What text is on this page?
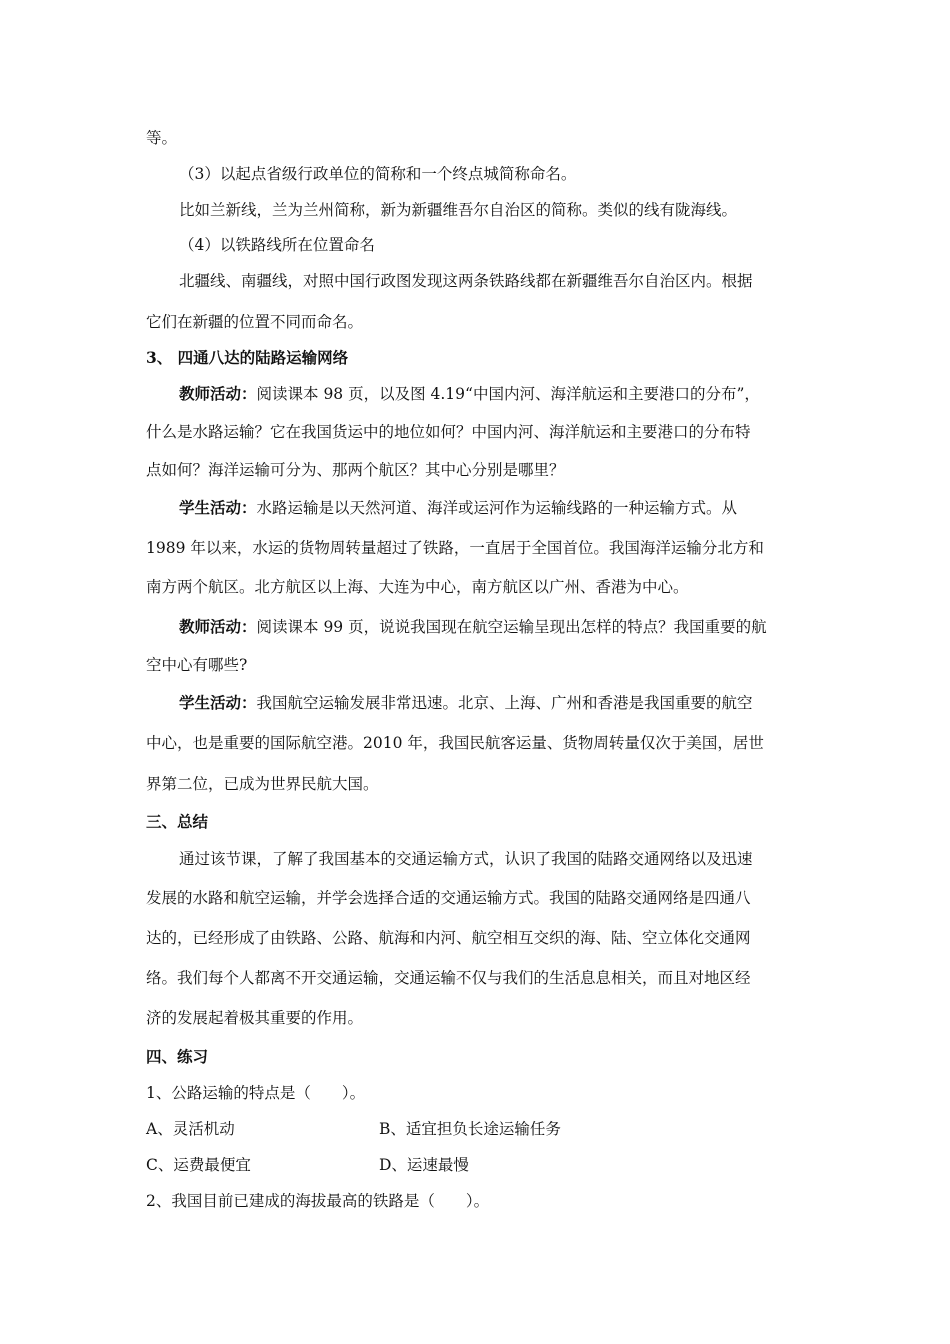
等。
（3）以起点省级行政单位的简称和一个终点城简称命名。
比如兰新线，兰为兰州简称，新为新疆维吾尔自治区的简称。类似的线有陇海线。
（4）以铁路线所在位置命名
北疆线、南疆线，对照中国行政图发现这两条铁路线都在新疆维吾尔自治区内。根据
它们在新疆的位置不同而命名。
3、 四通八达的陆路运输网络
教师活动：阅读课本 98 页，以及图 4.19“中国内河、海洋航运和主要港口的分布”，
什么是水路运输？它在我国货运中的地位如何？中国内河、海洋航运和主要港口的分布特
点如何？海洋运输可分为、那两个航区？其中心分别是哪里？
学生活动：水路运输是以天然河道、海洋或运河作为运输线路的一种运输方式。从
1989 年以来，水运的货物周转量超过了铁路，一直居于全国首位。我国海洋运输分北方和
南方两个航区。北方航区以上海、大连为中心，南方航区以广州、香港为中心。
教师活动：阅读课本 99 页，说说我国现在航空运输呈现出怎样的特点？我国重要的航
空中心有哪些?
学生活动：我国航空运输发展非常迅速。北京、上海、广州和香港是我国重要的航空
中心，也是重要的国际航空港。2010 年，我国民航客运量、货物周转量仅次于美国，居世
界第二位，已成为世界民航大国。
三、总结
通过该节课，了解了我国基本的交通运输方式，认识了我国的陆路交通网络以及迅速
发展的水路和航空运输，并学会选择合适的交通运输方式。我国的陆路交通网络是四通八
达的，已经形成了由铁路、公路、航海和内河、航空相互交织的海、陆、空立体化交通网
络。我们每个人都离不开交通运输，交通运输不仅与我们的生活息息相关，而且对地区经
济的发展起着极其重要的作用。
四、练习
1、公路运输的特点是（　　）。
A、灵活机动	B、适宜担负长途运输任务
C、运费最便宜	D、运速最慢
2、我国目前已建成的海拔最高的铁路是（　　）。
